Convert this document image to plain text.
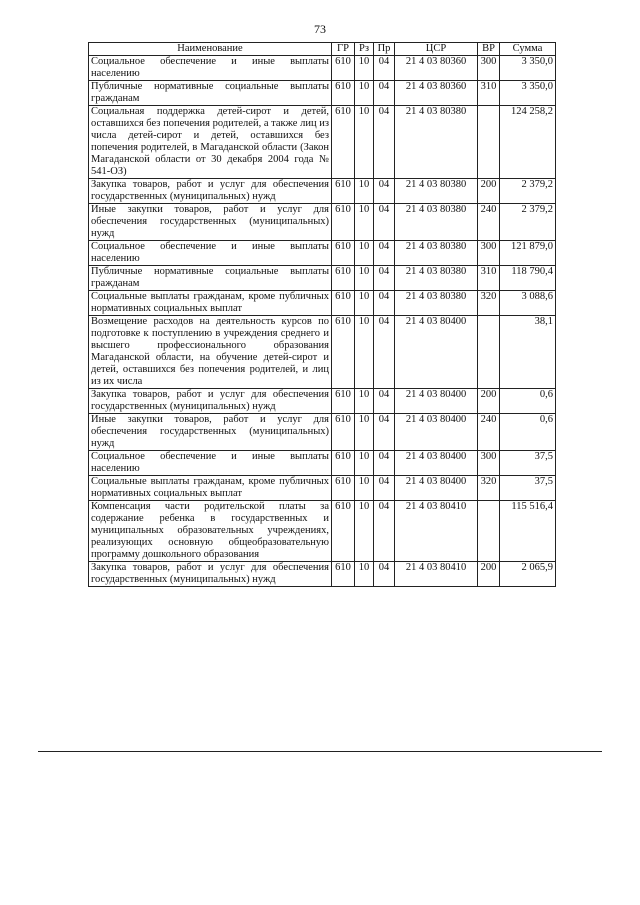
73
Наименование	ГР	Рз	Пр	ЦСР	ВР	Сумма
Социальное обеспечение и иные выплаты населению	610	10	04	21 4 03 80360	300	3 350,0
Публичные нормативные социальные выплаты гражданам	610	10	04	21 4 03 80360	310	3 350,0
Социальная поддержка детей-сирот и детей, оставшихся без попечения родителей, а также лиц из числа детей-сирот и детей, оставшихся без попечения родителей, в Магаданской области (Закон Магаданской области от 30 декабря 2004 года № 541-ОЗ)	610	10	04	21 4 03 80380		124 258,2
Закупка товаров, работ и услуг для обеспечения государственных (муниципальных) нужд	610	10	04	21 4 03 80380	200	2 379,2
Иные закупки товаров, работ и услуг для обеспечения государственных (муниципальных) нужд	610	10	04	21 4 03 80380	240	2 379,2
Социальное обеспечение и иные выплаты населению	610	10	04	21 4 03 80380	300	121 879,0
Публичные нормативные социальные выплаты гражданам	610	10	04	21 4 03 80380	310	118 790,4
Социальные выплаты гражданам, кроме публичных нормативных социальных выплат	610	10	04	21 4 03 80380	320	3 088,6
Возмещение расходов на деятельность курсов по подготовке к поступлению в учреждения среднего и высшего профессионального образования Магаданской области, на обучение детей-сирот и детей, оставшихся без попечения родителей, и лиц из их числа	610	10	04	21 4 03 80400		38,1
Закупка товаров, работ и услуг для обеспечения государственных (муниципальных) нужд	610	10	04	21 4 03 80400	200	0,6
Иные закупки товаров, работ и услуг для обеспечения государственных (муниципальных) нужд	610	10	04	21 4 03 80400	240	0,6
Социальное обеспечение и иные выплаты населению	610	10	04	21 4 03 80400	300	37,5
Социальные выплаты гражданам, кроме публичных нормативных социальных выплат	610	10	04	21 4 03 80400	320	37,5
Компенсация части родительской платы за содержание ребенка в государственных и муниципальных образовательных учреждениях, реализующих основную общеобразовательную программу дошкольного образования	610	10	04	21 4 03 80410		115 516,4
Закупка товаров, работ и услуг для обеспечения государственных (муниципальных) нужд	610	10	04	21 4 03 80410	200	2 065,9
